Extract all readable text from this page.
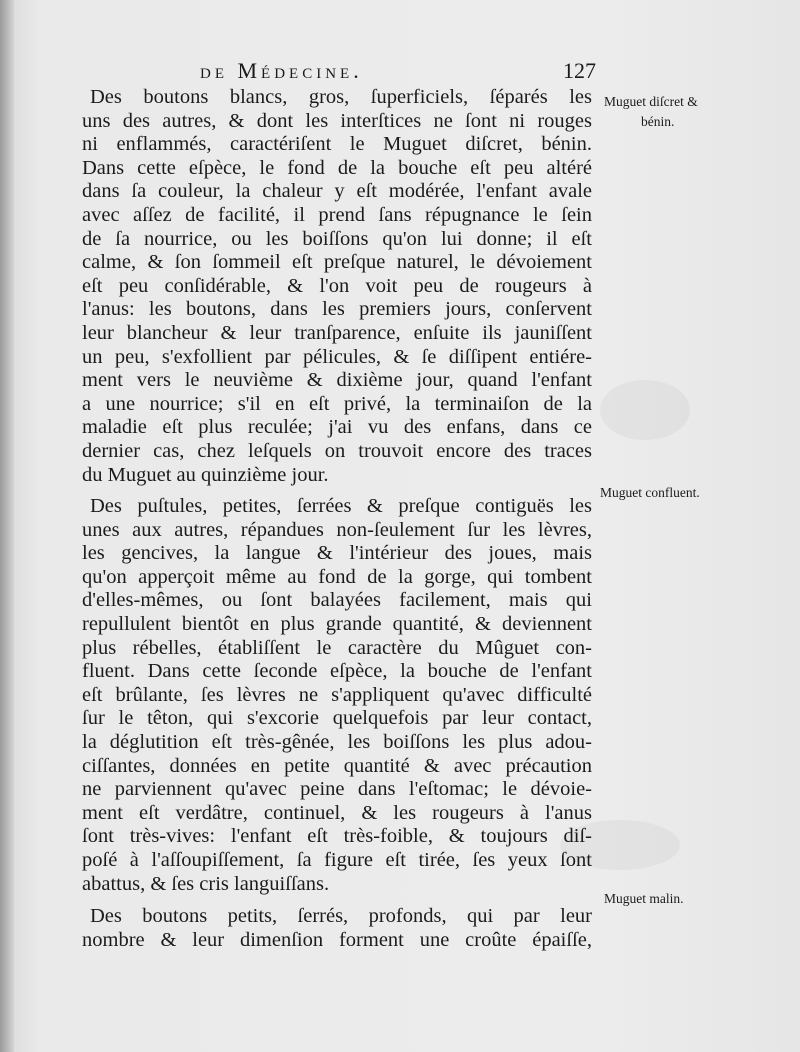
de Médecine.	127
Des boutons blancs, gros, ſuperficiels, ſéparés les
uns des autres, & dont les interſtices ne ſont ni rouges
ni enflammés, caractériſent le Muguet diſcret, bénin.
Dans cette eſpèce, le fond de la bouche eſt peu altéré
dans ſa couleur, la chaleur y eſt modérée, l'enfant avale
avec aſſez de facilité, il prend ſans répugnance le ſein
de ſa nourrice, ou les boiſſons qu'on lui donne; il eſt
calme, & ſon ſommeil eſt preſque naturel, le dévoiement
eſt peu conſidérable, & l'on voit peu de rougeurs à
l'anus: les boutons, dans les premiers jours, conſervent
leur blancheur & leur tranſparence, enſuite ils jauniſſent
un peu, s'exfollient par pélicules, & ſe diſſipent entiére-
ment vers le neuvième & dixième jour, quand l'enfant
a une nourrice; s'il en eſt privé, la terminaiſon de la
maladie eſt plus reculée; j'ai vu des enfans, dans ce
dernier cas, chez leſquels on trouvoit encore des traces
du Muguet au quinzième jour.
Des puſtules, petites, ſerrées & preſque contiguës les
unes aux autres, répandues non-ſeulement ſur les lèvres,
les gencives, la langue & l'intérieur des joues, mais
qu'on apperçoit même au fond de la gorge, qui tombent
d'elles-mêmes, ou ſont balayées facilement, mais qui
repullulent bientôt en plus grande quantité, & deviennent
plus rébelles, établiſſent le caractère du Mûguet con-
fluent. Dans cette ſeconde eſpèce, la bouche de l'enfant
eſt brûlante, ſes lèvres ne s'appliquent qu'avec difficulté
ſur le têton, qui s'excorie quelquefois par leur contact,
la déglutition eſt très-gênée, les boiſſons les plus adou-
ciſſantes, données en petite quantité & avec précaution
ne parviennent qu'avec peine dans l'eſtomac; le dévoie-
ment eſt verdâtre, continuel, & les rougeurs à l'anus
ſont très-vives: l'enfant eſt très-foible, & toujours diſ-
poſé à l'aſſoupiſſement, ſa figure eſt tirée, ſes yeux ſont
abattus, & ſes cris languiſſans.
Des boutons petits, ſerrés, profonds, qui par leur
nombre & leur dimenſion forment une croûte épaiſſe,
Muguet diſcret &
bénin.
Muguet confluent.
Muguet malin.
